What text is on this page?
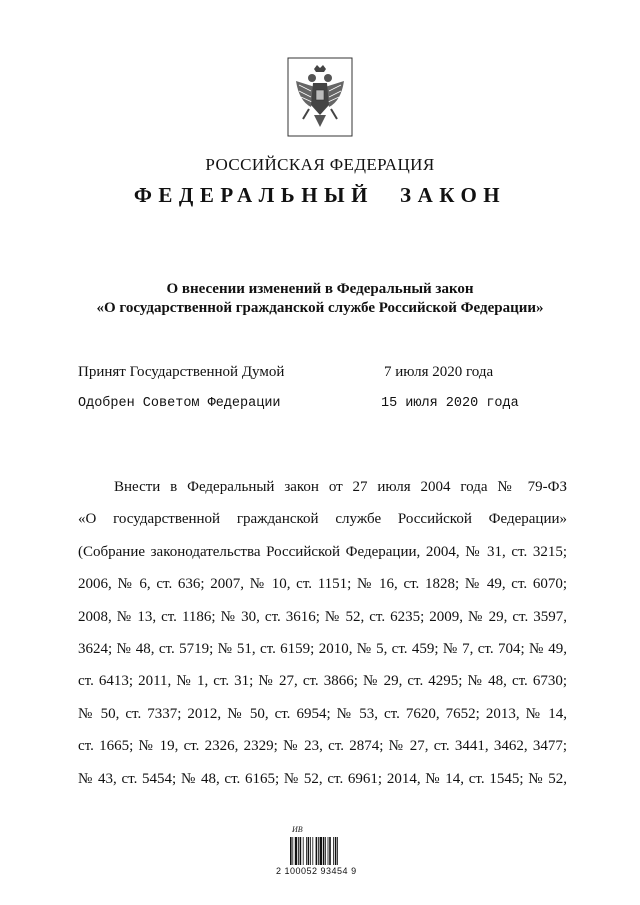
РОССИЙСКАЯ ФЕДЕРАЦИЯ
ФЕДЕРАЛЬНЫЙ ЗАКОН
О внесении изменений в Федеральный закон
«О государственной гражданской службе Российской Федерации»
Принят Государственной Думой	7 июля 2020 года
Одобрен Советом Федерации	15 июля 2020 года
Внести в Федеральный закон от 27 июля 2004 года № 79-ФЗ
«О государственной гражданской службе Российской Федерации»
(Собрание законодательства Российской Федерации, 2004, № 31, ст. 3215;
2006, № 6, ст. 636; 2007, № 10, ст. 1151; № 16, ст. 1828; № 49, ст. 6070;
2008, № 13, ст. 1186; № 30, ст. 3616; № 52, ст. 6235; 2009, № 29, ст. 3597,
3624; № 48, ст. 5719; № 51, ст. 6159; 2010, № 5, ст. 459; № 7, ст. 704; № 49,
ст. 6413; 2011, № 1, ст. 31; № 27, ст. 3866; № 29, ст. 4295; № 48, ст. 6730;
№ 50, ст. 7337; 2012, № 50, ст. 6954; № 53, ст. 7620, 7652; 2013, № 14,
ст. 1665; № 19, ст. 2326, 2329; № 23, ст. 2874; № 27, ст. 3441, 3462, 3477;
№ 43, ст. 5454; № 48, ст. 6165; № 52, ст. 6961; 2014, № 14, ст. 1545; № 52,
ИВ
2 100052 93454 9
